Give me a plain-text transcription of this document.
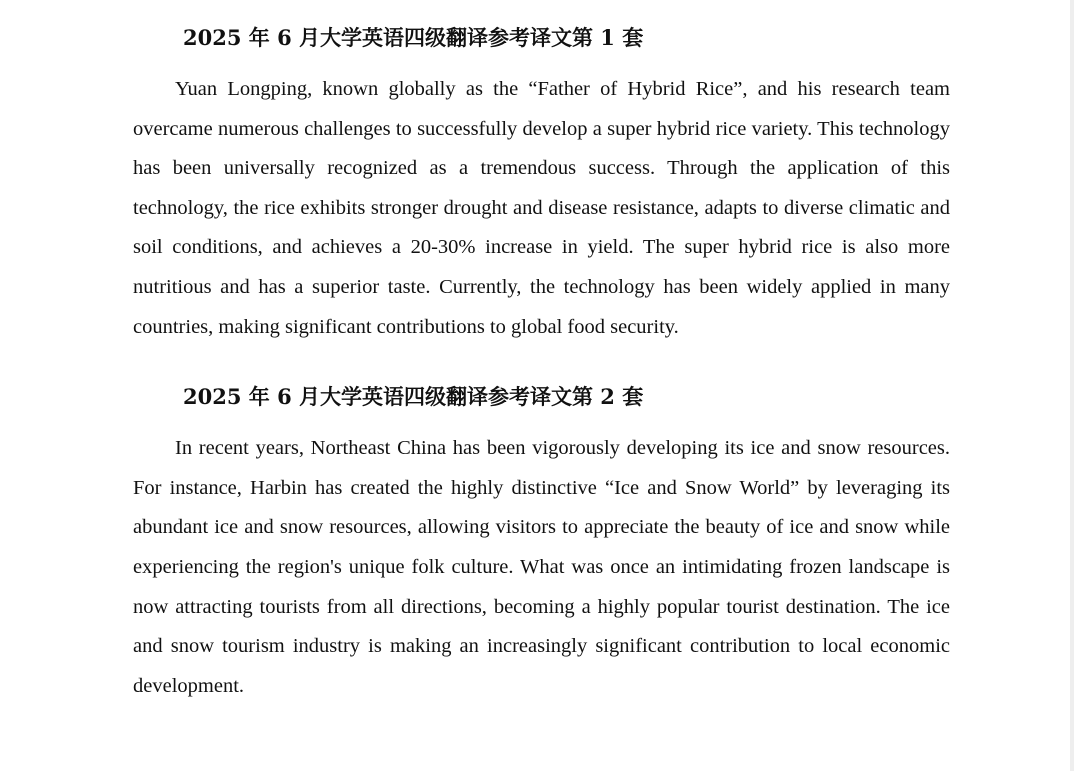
2025 年 6 月大学英语四级翻译参考译文第 1 套

Yuan Longping, known globally as the “Father of Hybrid Rice”, and his research team overcame numerous challenges to successfully develop a super hybrid rice variety. This technology has been universally recognized as a tremendous success. Through the application of this technology, the rice exhibits stronger drought and disease resistance, adapts to diverse climatic and soil conditions, and achieves a 20-30% increase in yield. The super hybrid rice is also more nutritious and has a superior taste. Currently, the technology has been widely applied in many countries, making significant contributions to global food security.

2025 年 6 月大学英语四级翻译参考译文第 2 套

In recent years, Northeast China has been vigorously developing its ice and snow resources. For instance, Harbin has created the highly distinctive “Ice and Snow World” by leveraging its abundant ice and snow resources, allowing visitors to appreciate the beauty of ice and snow while experiencing the region's unique folk culture. What was once an intimidating frozen landscape is now attracting tourists from all directions, becoming a highly popular tourist destination. The ice and snow tourism industry is making an increasingly significant contribution to local economic development.
